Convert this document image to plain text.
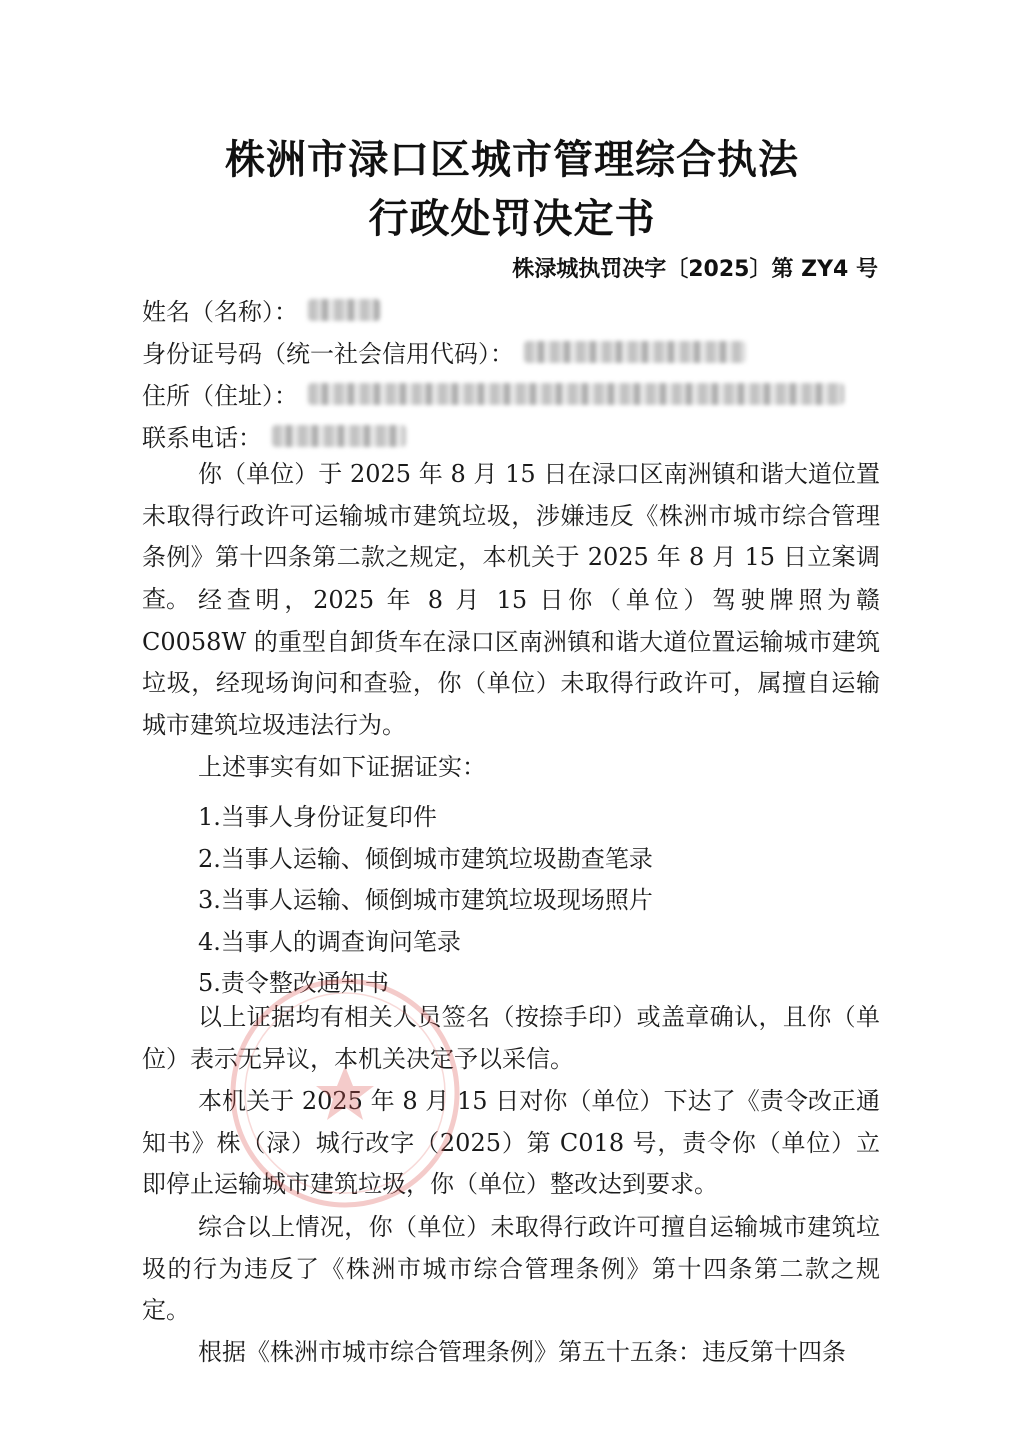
株洲市渌口区城市管理综合执法
行政处罚决定书
株渌城执罚决字〔2025〕第 ZY4 号
姓名（名称）：
身份证号码（统一社会信用代码）：
住所（住址）：
联系电话：
你（单位）于 2025 年 8 月 15 日在渌口区南洲镇和谐大道位置未取得行政许可运输城市建筑垃圾，涉嫌违反《株洲市城市综合管理条例》第十四条第二款之规定，本机关于 2025 年 8 月 15 日立案调查。 经查明，2025 年 8 月 15 日你（单位）驾驶牌照为赣 C0058W 的重型自卸货车在渌口区南洲镇和谐大道位置运输城市建筑垃圾，经现场询问和查验，你（单位）未取得行政许可，属擅自运输城市建筑垃圾违法行为。
上述事实有如下证据证实：
1.当事人身份证复印件
2.当事人运输、倾倒城市建筑垃圾勘查笔录
3.当事人运输、倾倒城市建筑垃圾现场照片
4.当事人的调查询问笔录
5.责令整改通知书
以上证据均有相关人员签名（按捺手印）或盖章确认，且你（单位）表示无异议，本机关决定予以采信。
本机关于 2025 年 8 月 15 日对你（单位）下达了《责令改正通知书》株（渌）城行改字（2025）第 C018 号，责令你（单位）立即停止运输城市建筑垃圾，你（单位）整改达到要求。
综合以上情况，你（单位）未取得行政许可擅自运输城市建筑垃圾的行为违反了《株洲市城市综合管理条例》第十四条第二款之规定。
根据《株洲市城市综合管理条例》第五十五条：违反第十四条
